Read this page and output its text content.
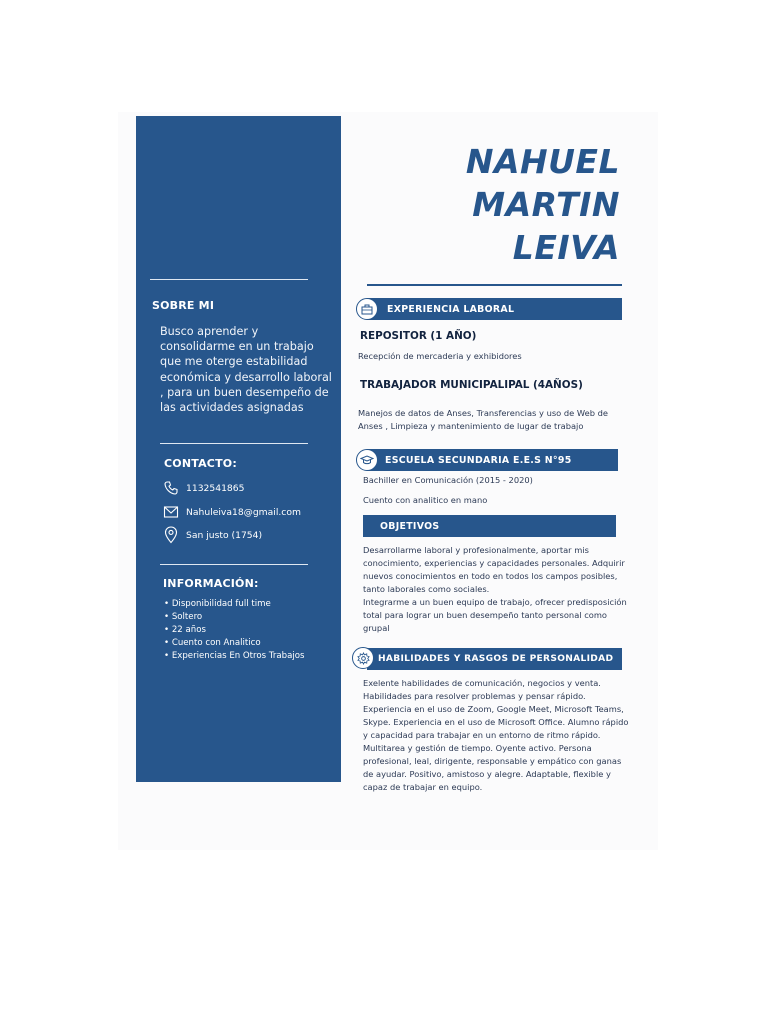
SOBRE MI
Busco aprender y consolidarme en un trabajo que me oterge estabilidad económica y desarrollo laboral , para un buen desempeño de las actividades asignadas
CONTACTO:
1132541865
Nahuleiva18@gmail.com
San justo (1754)
INFORMACIÓN:
• Disponibilidad full time
• Soltero
• 22 años
• Cuento con Analitico
• Experiencias En Otros Trabajos
NAHUEL
MARTIN
LEIVA
EXPERIENCIA LABORAL
REPOSITOR (1 AÑO)
Recepción de mercaderia y exhibidores
TRABAJADOR MUNICIPALIPAL (4AÑOS)
Manejos de datos de Anses, Transferencias y uso de Web de Anses , Limpieza y mantenimiento de lugar de trabajo
ESCUELA SECUNDARIA E.E.S N°95
Bachiller en Comunicación (2015 - 2020)
Cuento con analitico en mano
OBJETIVOS
Desarrollarme laboral y profesionalmente, aportar mis conocimiento, experiencias y capacidades personales. Adquirir nuevos conocimientos en todo en todos los campos posibles, tanto laborales como sociales.
Integrarme a un buen equipo de trabajo, ofrecer predisposición total para lograr un buen desempeño tanto personal como grupal
HABILIDADES Y RASGOS DE PERSONALIDAD
Exelente habilidades de comunicación, negocios y venta. Habilidades para resolver problemas y pensar rápido. Experiencia en el uso de Zoom, Google Meet, Microsoft Teams, Skype. Experiencia en el uso de Microsoft Office. Alumno rápido y capacidad para trabajar en un entorno de ritmo rápido. Multitarea y gestión de tiempo. Oyente activo. Persona profesional, leal, dirigente, responsable y empático con ganas de ayudar. Positivo, amistoso y alegre. Adaptable, flexible y capaz de trabajar en equipo.
